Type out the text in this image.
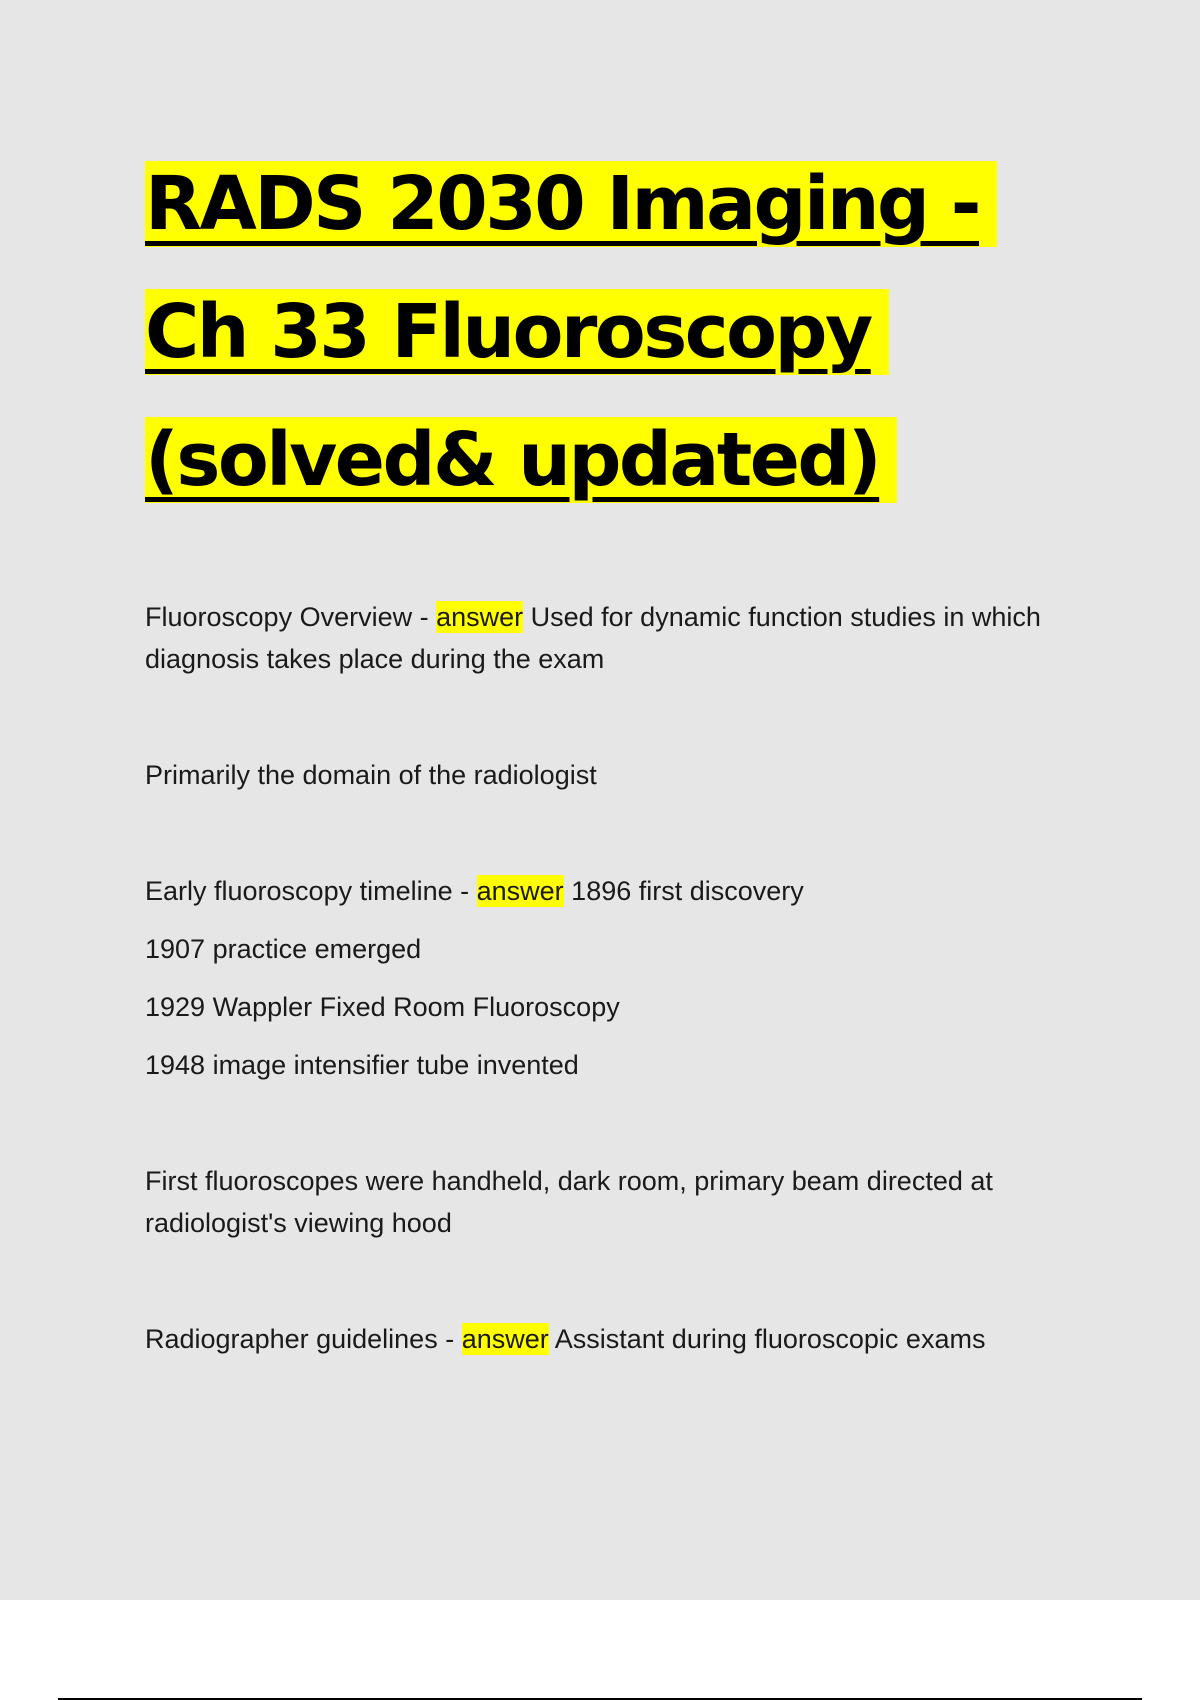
RADS 2030 Imaging -
Ch 33 Fluoroscopy
(solved& updated)

Fluoroscopy Overview - answer Used for dynamic function studies in which diagnosis takes place during the exam

Primarily the domain of the radiologist

Early fluoroscopy timeline - answer 1896 first discovery

1907 practice emerged

1929 Wappler Fixed Room Fluoroscopy

1948 image intensifier tube invented

First fluoroscopes were handheld, dark room, primary beam directed at radiologist's viewing hood

Radiographer guidelines - answer Assistant during fluoroscopic exams
